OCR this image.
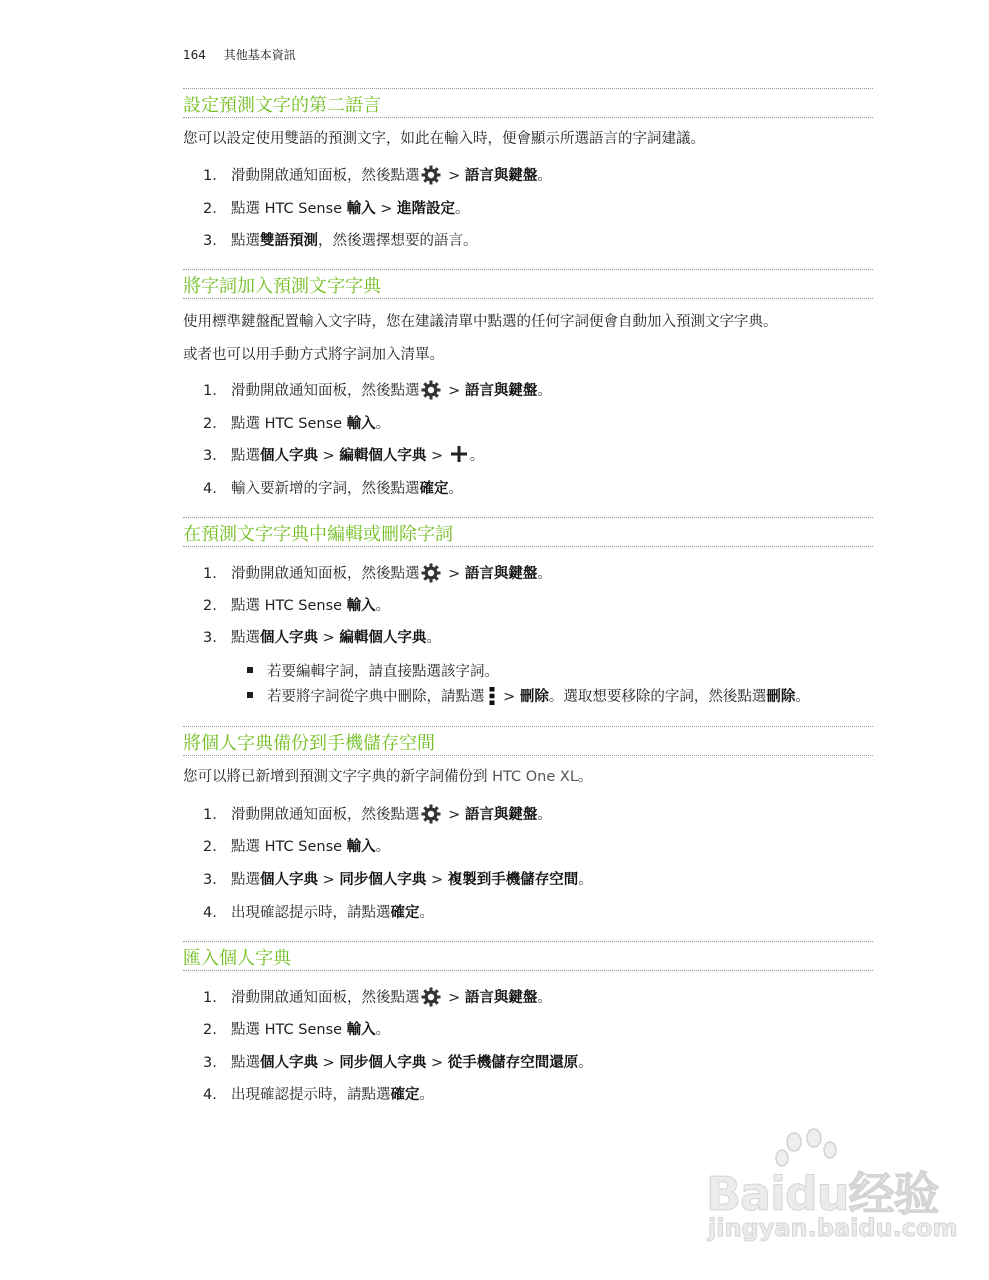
164 其他基本資訊
設定預測文字的第二語言
您可以設定使用雙語的預測文字，如此在輸入時，便會顯示所選語言的字詞建議。
1. 滑動開啟通知面板，然後點選 > 語言與鍵盤。
2. 點選 HTC Sense 輸入 > 進階設定。
3. 點選雙語預測，然後選擇想要的語言。
將字詞加入預測文字字典
使用標準鍵盤配置輸入文字時，您在建議清單中點選的任何字詞便會自動加入預測文字字典。
或者也可以用手動方式將字詞加入清單。
1. 滑動開啟通知面板，然後點選 > 語言與鍵盤。
2. 點選 HTC Sense 輸入。
3. 點選個人字典 > 編輯個人字典 > 。
4. 輸入要新增的字詞，然後點選確定。
在預測文字字典中編輯或刪除字詞
1. 滑動開啟通知面板，然後點選 > 語言與鍵盤。
2. 點選 HTC Sense 輸入。
3. 點選個人字典 > 編輯個人字典。
若要編輯字詞，請直接點選該字詞。
若要將字詞從字典中刪除，請點選 > 刪除。選取想要移除的字詞，然後點選刪除。
將個人字典備份到手機儲存空間
您可以將已新增到預測文字字典的新字詞備份到 HTC One XL。
1. 滑動開啟通知面板，然後點選 > 語言與鍵盤。
2. 點選 HTC Sense 輸入。
3. 點選個人字典 > 同步個人字典 > 複製到手機儲存空間。
4. 出現確認提示時，請點選確定。
匯入個人字典
1. 滑動開啟通知面板，然後點選 > 語言與鍵盤。
2. 點選 HTC Sense 輸入。
3. 點選個人字典 > 同步個人字典 > 從手機儲存空間還原。
4. 出現確認提示時，請點選確定。
Baidu经验
jingyan.baidu.com
